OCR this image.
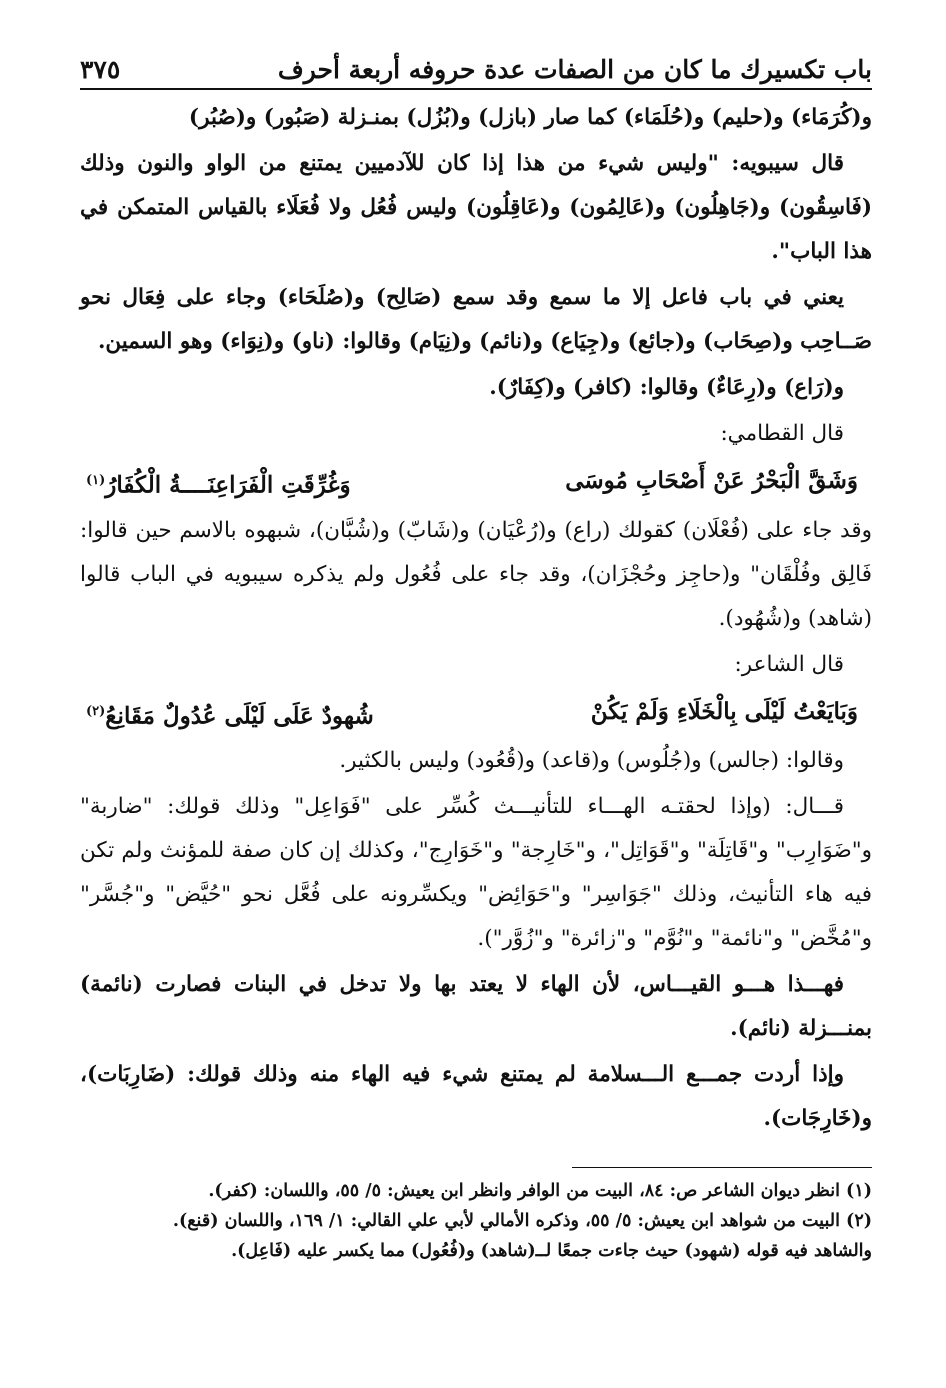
باب تكسيرك ما كان من الصفات عدة حروفه أربعة أحرف
٣٧٥

و(كُرَمَاء) و(حليم) و(حُلَمَاء) كما صار (بازل) و(بُزُل) بمنـزلة (صَبُور) و(صُبُر)

قال سيبويه: "وليس شيء من هذا إذا كان للآدميين يمتنع من الواو والنون وذلك (فَاسِقُون) و(جَاهِلُون) و(عَالِمُون) و(عَاقِلُون) وليس فُعُل ولا فُعَلَاء بالقياس المتمكن في هذا الباب".

يعني في باب فاعل إلا ما سمع وقد سمع (صَالِح) و(صُلَحَاء) وجاء على فِعَال نحو صَــاحِب و(صِحَاب) و(جائع) و(جِيَاع) و(نائم) و(نِيَام) وقالوا: (ناو) و(نِوَاء) وهو السمين.

و(رَاع) و(رِعَاءٌ) وقالوا: (كافر) و(كِفَارٌ).

قال القطامي:

وَشَقَّ الْبَحْرُ عَنْ أَصْحَابِ مُوسَى
وَغُرِّقَتِ الْفَرَاعِنَــــةُ الْكُفَارُ$^{(١)}$

وقد جاء على (فُعْلَان) كقولك (راع) و(رُعْيَان) و(شَابّ) و(شُبَّان)، شبهوه بالاسم حين قالوا: فَالِق وفُلْقَان" و(حاجِز وحُجْزَان)، وقد جاء على فُعُول ولم يذكره سيبويه في الباب قالوا (شاهد) و(شُهُود).

قال الشاعر:

وَبَايَعْتُ لَيْلَى بِالْخَلَاءِ وَلَمْ يَكُنْ
شُهودٌ عَلَى لَيْلَى عُدُولٌ مَقَانِعُ$^{(٢)}$

وقالوا: (جالس) و(جُلُوس) و(قاعد) و(قُعُود) وليس بالكثير.

قـــال: (وإذا لحقتـه الهـــاء للتأنيـــث كُسِّر على "فَوَاعِل" وذلك قولك: "ضاربة" و"ضَوَارِب" و"قَاتِلَة" و"قَوَاتِل"، و"خَارِجة" و"خَوَارِج"، وكذلك إن كان صفة للمؤنث ولم تكن فيه هاء التأنيث، وذلك "جَوَاسِر" و"حَوَائِض" ويكسِّرونه على فُعَّل نحو "حُيَّض" و"جُسَّر" و"مُخَّض" و"نائمة" و"نُوَّم" و"زائرة" و"زُوَّر").

فهـــذا هـــو القيـــاس، لأن الهاء لا يعتد بها ولا تدخل في البنات فصارت (نائمة) بمنـــزلة (نائم).

وإذا أردت جمـــع الـــسلامة لم يمتنع شيء فيه الهاء منه وذلك قولك: (ضَارِبَات)، و(خَارِجَات).

(١) انظر ديوان الشاعر ص: ٨٤، البيت من الوافر وانظر ابن يعيش: ٥/ ٥٥، واللسان: (كفر).
(٢) البيت من شواهد ابن يعيش: ٥/ ٥٥، وذكره الأمالي لأبي علي القالي: ١/ ١٦٩، واللسان (قنع).
والشاهد فيه قوله (شهود) حيث جاءت جمعًا لــ(شاهد) و(فُعُول) مما يكسر عليه (فَاعِل).
